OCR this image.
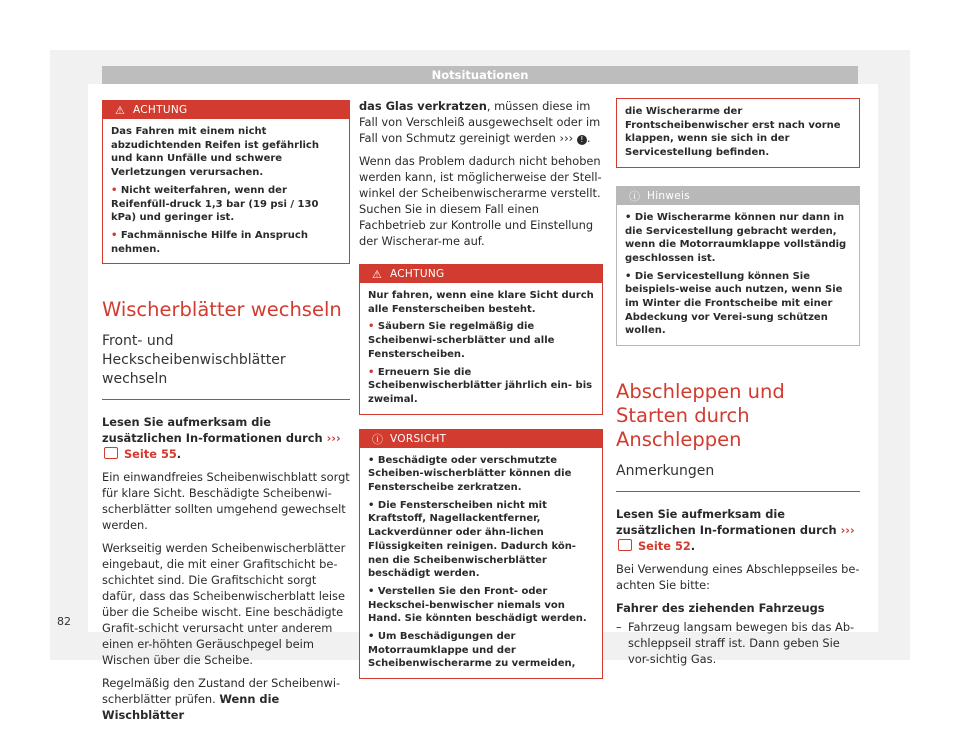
Notsituationen
⚠ ACHTUNG

Das Fahren mit einem nicht abzudichtenden Reifen ist gefährlich und kann Unfälle und schwere Verletzungen verursachen.

• Nicht weiterfahren, wenn der Reifenfüll-druck 1,3 bar (19 psi / 130 kPa) und geringer ist.

• Fachmännische Hilfe in Anspruch nehmen.

Wischerblätter wechseln
Front- und Heckscheibenwischblätter wechseln

Lesen Sie aufmerksam die zusätzlichen In-formationen durch ›››  Seite 55.

Ein einwandfreies Scheibenwischblatt sorgt für klare Sicht. Beschädigte Scheibenwi-scherblätter sollten umgehend gewechselt werden.

Werkseitig werden Scheibenwischerblätter eingebaut, die mit einer Grafitschicht be-schichtet sind. Die Grafitschicht sorgt dafür, dass das Scheibenwischerblatt leise über die Scheibe wischt. Eine beschädigte Grafit-schicht verursacht unter anderem einen er-höhten Geräuschpegel beim Wischen über die Scheibe.

Regelmäßig den Zustand der Scheibenwi-scherblätter prüfen. Wenn die Wischblätter

das Glas verkratzen, müssen diese im Fall von Verschleiß ausgewechselt oder im Fall von Schmutz gereinigt werden ››› ! .

Wenn das Problem dadurch nicht behoben werden kann, ist möglicherweise der Stell-winkel der Scheibenwischerarme verstellt. Suchen Sie in diesem Fall einen Fachbetrieb zur Kontrolle und Einstellung der Wischerar-me auf.

⚠ ACHTUNG

Nur fahren, wenn eine klare Sicht durch alle Fensterscheiben besteht.

• Säubern Sie regelmäßig die Scheibenwi-scherblätter und alle Fensterscheiben.

• Erneuern Sie die Scheibenwischerblätter jährlich ein- bis zweimal.

ⓘ VORSICHT

• Beschädigte oder verschmutzte Scheiben-wischerblätter können die Fensterscheibe zerkratzen.

• Die Fensterscheiben nicht mit Kraftstoff, Nagellackentferner, Lackverdünner oder ähn-lichen Flüssigkeiten reinigen. Dadurch kön-nen die Scheibenwischerblätter beschädigt werden.

• Verstellen Sie den Front- oder Heckschei-benwischer niemals von Hand. Sie könnten beschädigt werden.

• Um Beschädigungen der Motorraumklappe und der Scheibenwischerarme zu vermeiden,

die Wischerarme der Frontscheibenwischer erst nach vorne klappen, wenn sie sich in der Servicestellung befinden.
ⓘ Hinweis

• Die Wischerarme können nur dann in die Servicestellung gebracht werden, wenn die Motorraumklappe vollständig geschlossen ist.

• Die Servicestellung können Sie beispiels-weise auch nutzen, wenn Sie im Winter die Frontscheibe mit einer Abdeckung vor Verei-sung schützen wollen.

Abschleppen und Starten durch Anschleppen
Anmerkungen

Lesen Sie aufmerksam die zusätzlichen In-formationen durch ›››  Seite 52.

Bei Verwendung eines Abschleppseiles be-achten Sie bitte:

Fahrer des ziehenden Fahrzeugs

– Fahrzeug langsam bewegen bis das Ab-schleppseil straff ist. Dann geben Sie vor-sichtig Gas.
82
